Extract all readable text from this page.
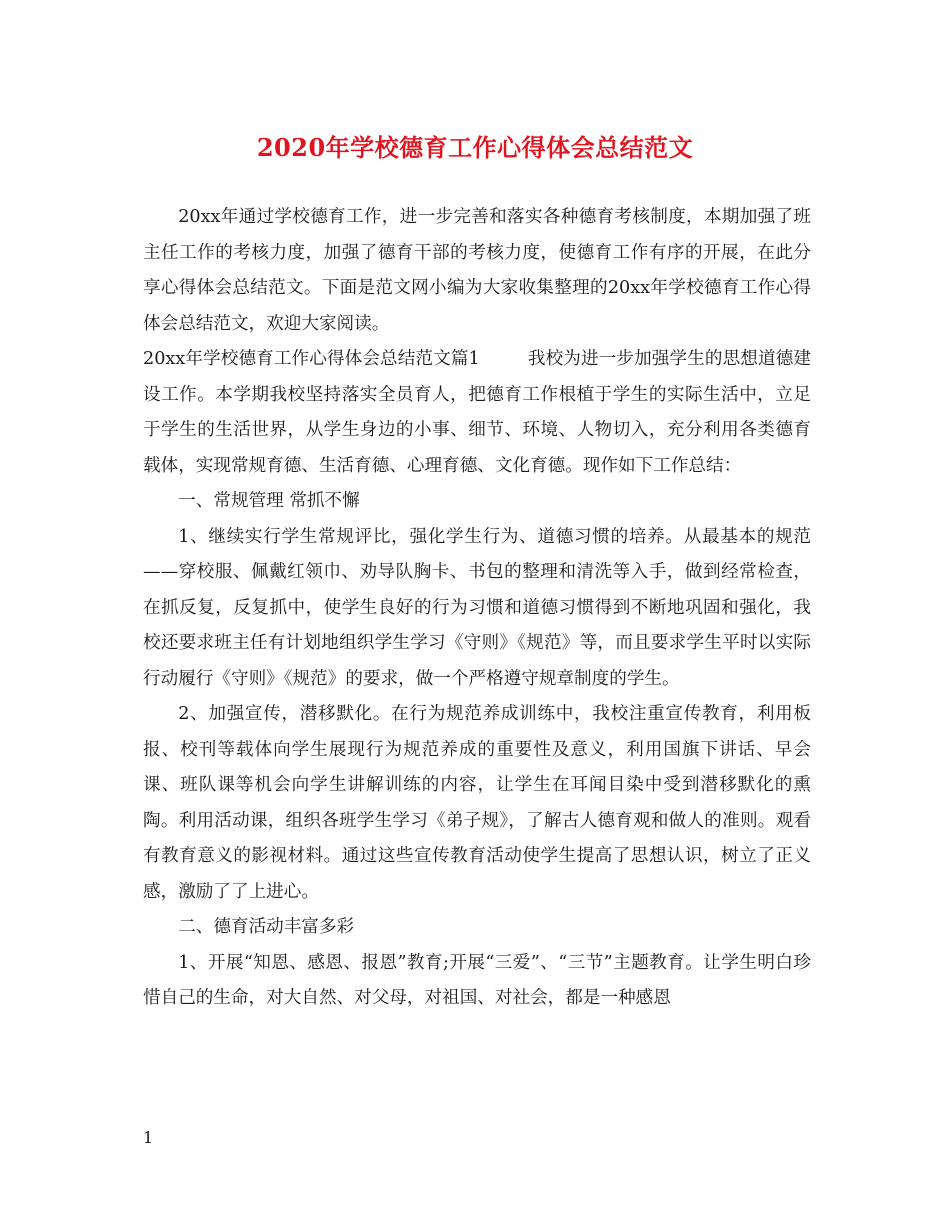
2020年学校德育工作心得体会总结范文

20xx年通过学校德育工作，进一步完善和落实各种德育考核制度，本期加强了班主任工作的考核力度，加强了德育干部的考核力度，使德育工作有序的开展，在此分享心得体会总结范文。下面是范文网小编为大家收集整理的20xx年学校德育工作心得体会总结范文，欢迎大家阅读。

20xx年学校德育工作心得体会总结范文篇1	我校为进一步加强学生的思想道德建设工作。本学期我校坚持落实全员育人，把德育工作根植于学生的实际生活中，立足于学生的生活世界，从学生身边的小事、细节、环境、人物切入，充分利用各类德育载体，实现常规育德、生活育德、心理育德、文化育德。现作如下工作总结：

一、常规管理 常抓不懈

1、继续实行学生常规评比，强化学生行为、道德习惯的培养。从最基本的规范——穿校服、佩戴红领巾、劝导队胸卡、书包的整理和清洗等入手，做到经常检查，在抓反复，反复抓中，使学生良好的行为习惯和道德习惯得到不断地巩固和强化，我校还要求班主任有计划地组织学生学习《守则》《规范》等，而且要求学生平时以实际行动履行《守则》《规范》的要求，做一个严格遵守规章制度的学生。

2、加强宣传，潜移默化。在行为规范养成训练中，我校注重宣传教育，利用板报、校刊等载体向学生展现行为规范养成的重要性及意义，利用国旗下讲话、早会课、班队课等机会向学生讲解训练的内容，让学生在耳闻目染中受到潜移默化的熏陶。利用活动课，组织各班学生学习《弟子规》，了解古人德育观和做人的准则。观看有教育意义的影视材料。通过这些宣传教育活动使学生提高了思想认识，树立了正义感，激励了了上进心。

二、德育活动丰富多彩

1、开展“知恩、感恩、报恩”教育;开展“三爱”、“三节”主题教育。让学生明白珍惜自己的生命，对大自然、对父母，对祖国、对社会，都是一种感恩

1
